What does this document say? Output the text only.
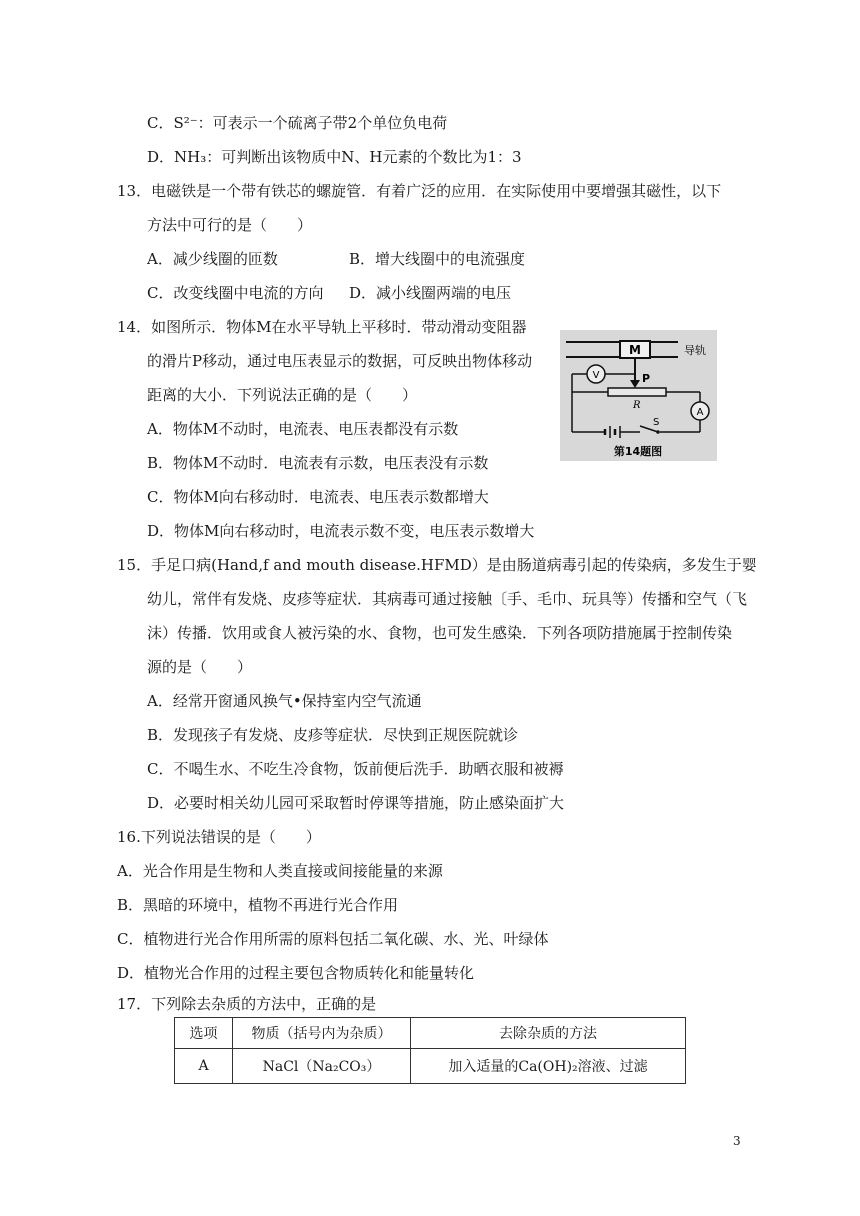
C．S²⁻：可表示一个硫离子带2个单位负电荷
D．NH₃：可判断出该物质中N、H元素的个数比为1：3
13．电磁铁是一个带有铁芯的螺旋管．有着广泛的应用．在实际使用中要增强其磁性，以下
方法中可行的是（　　）
A．减少线圈的匝数	B．增大线圈中的电流强度
C．改变线圈中电流的方向 D．减小线圈两端的电压
14．如图所示．物体M在水平导轨上平移时．带动滑动变阻器
的滑片P移动，通过电压表显示的数据，可反映出物体移动
距离的大小．下列说法正确的是（　　）
A．物体M不动时，电流表、电压表都没有示数
B．物体M不动时．电流表有示数，电压表没有示数
C．物体M向右移动时．电流表、电压表示数都增大
D．物体M向右移动时，电流表示数不变，电压表示数增大
M	导轨
P
R
V
A
S
第14题图
15．手足口病(Hand,f and mouth disease.HFMD）是由肠道病毒引起的传染病，多发生于婴
幼儿，常伴有发烧、皮疹等症状．其病毒可通过接触〔手、毛巾、玩具等）传播和空气（飞
沫）传播．饮用或食人被污染的水、食物，也可发生感染．下列各项防措施属于控制传染
源的是（　　）
A．经常开窗通风换气•保持室内空气流通
B．发现孩子有发烧、皮疹等症状．尽快到正规医院就诊
C．不喝生水、不吃生冷食物，饭前便后洗手．助晒衣服和被褥
D．必要时相关幼儿园可采取暂时停课等措施，防止感染面扩大
16.下列说法错误的是（　　）
A．光合作用是生物和人类直接或间接能量的来源
B．黑暗的环境中，植物不再进行光合作用
C．植物进行光合作用所需的原料包括二氧化碳、水、光、叶绿体
D．植物光合作用的过程主要包含物质转化和能量转化
17．下列除去杂质的方法中，正确的是
选项	物质（括号内为杂质）	去除杂质的方法
A	NaCl（Na₂CO₃）	加入适量的Ca(OH)₂溶液、过滤
3
